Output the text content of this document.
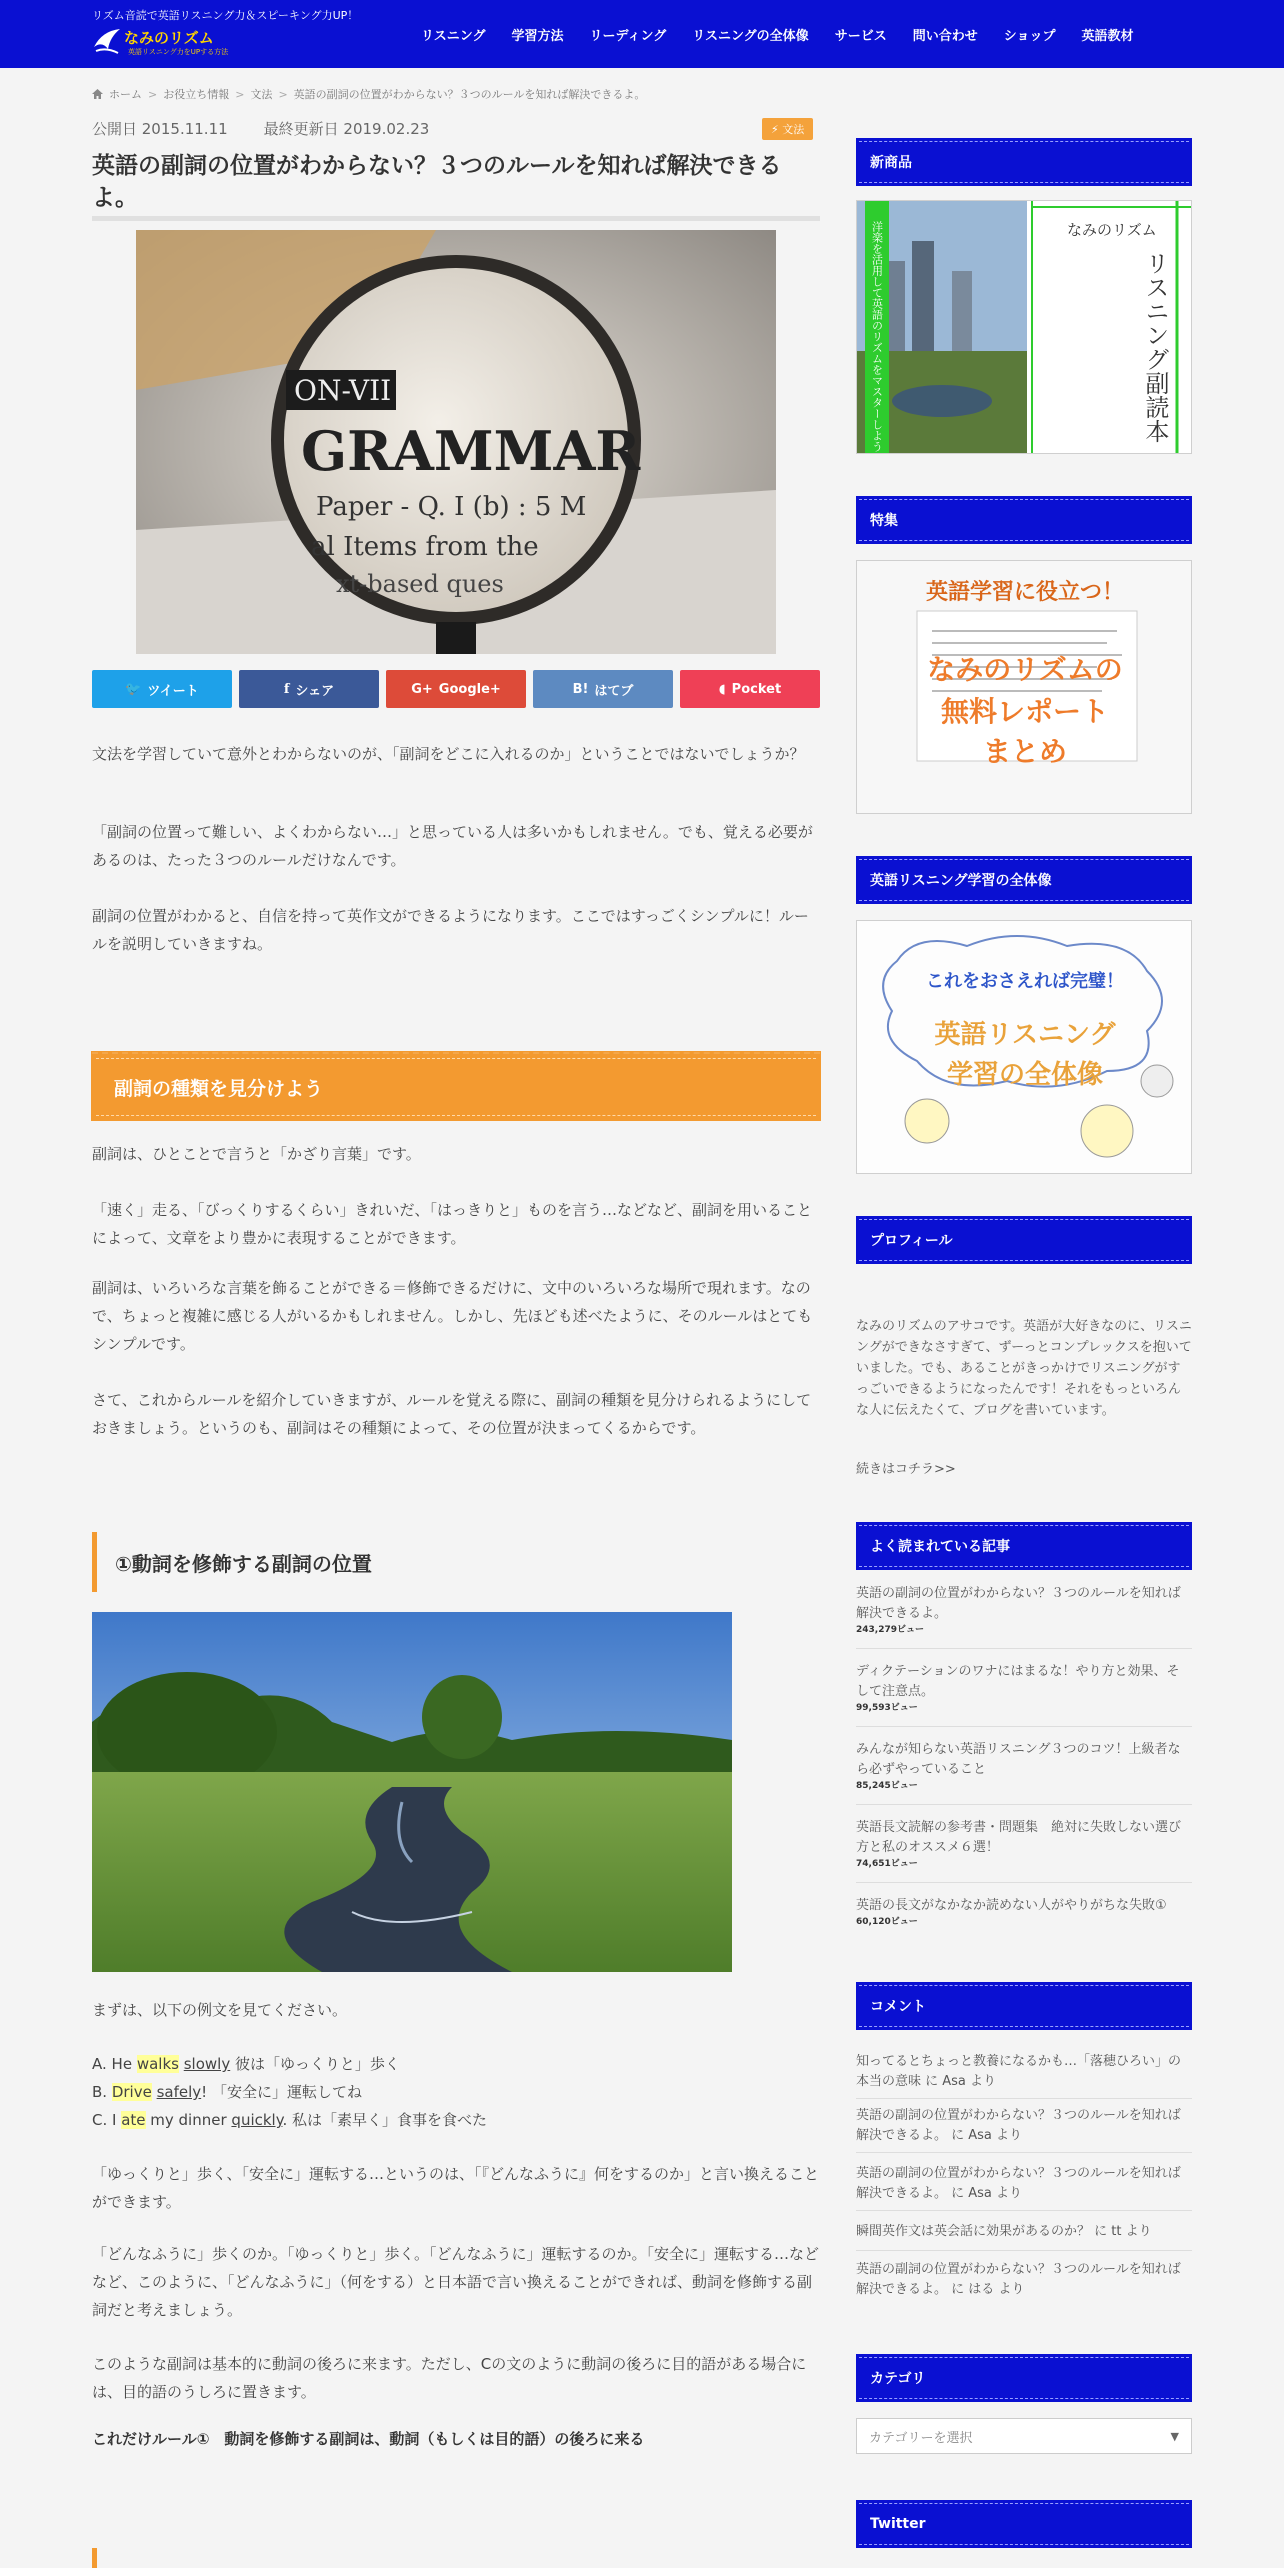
リズム音読で英語リスニング力＆スピーキング力UP！
なみのリズム
英語リスニング力をUPする方法
リスニング 学習方法 リーディング リスニングの全体像 サービス 問い合わせ ショップ 英語教材
ホーム > お役立ち情報 > 文法 > 英語の副詞の位置がわからない？３つのルールを知れば解決できるよ。
公開日 2015.11.11 最終更新日 2019.02.23	⚡ 文法
英語の副詞の位置がわからない？３つのルールを知れば解決できるよ。
ON-VII
GRAMMAR
Paper - Q. I (b) : 5 M
al Items from the
xt-based ques
🐦 ツイート	f シェア	G+ Google+	B! はてブ	◖ Pocket

文法を学習していて意外とわからないのが、「副詞をどこに入れるのか」ということではないでしょうか？

「副詞の位置って難しい、よくわからない…」と思っている人は多いかもしれません。でも、覚える必要があるのは、たった３つのルールだけなんです。

副詞の位置がわかると、自信を持って英作文ができるようになります。ここではすっごくシンプルに！ルールを説明していきますね。

副詞の種類を見分けよう

副詞は、ひとことで言うと「かざり言葉」です。

「速く」走る、「びっくりするくらい」きれいだ、「はっきりと」ものを言う…などなど、副詞を用いることによって、文章をより豊かに表現することができます。

副詞は、いろいろな言葉を飾ることができる＝修飾できるだけに、文中のいろいろな場所で現れます。なので、ちょっと複雑に感じる人がいるかもしれません。しかし、先ほども述べたように、そのルールはとてもシンプルです。

さて、これからルールを紹介していきますが、ルールを覚える際に、副詞の種類を見分けられるようにしておきましょう。というのも、副詞はその種類によって、その位置が決まってくるからです。

①動詞を修飾する副詞の位置

まずは、以下の例文を見てください。

A. He walks slowly 彼は「ゆっくりと」歩く

B. Drive safely! 「安全に」運転してね

C. I ate my dinner quickly. 私は「素早く」食事を食べた

「ゆっくりと」歩く、「安全に」運転する…というのは、「『どんなふうに』何をするのか」と言い換えることができます。

「どんなふうに」歩くのか。「ゆっくりと」歩く。「どんなふうに」運転するのか。「安全に」運転する…などなど、このように、「どんなふうに」（何をする）と日本語で言い換えることができれば、動詞を修飾する副詞だと考えましょう。

このような副詞は基本的に動詞の後ろに来ます。ただし、Cの文のように動詞の後ろに目的語がある場合には、目的語のうしろに置きます。

これだけルール①　動詞を修飾する副詞は、動詞（もしくは目的語）の後ろに来る

新商品
洋楽を活用して英語のリズムをマスターしよう	なみのリズム
リスニング副読本
特集
英語学習に役立つ！
なみのリズムの
無料レポート
まとめ
英語リスニング学習の全体像
これをおさえれば完璧！
英語リスニング
学習の全体像
プロフィール

なみのリズムのアサコです。英語が大好きなのに、リスニングができなさすぎて、ずーっとコンプレックスを抱いていました。でも、あることがきっかけでリスニングがすっごいできるようになったんです！それをもっといろんな人に伝えたくて、ブログを書いています。

続きはコチラ>>
よく読まれている記事
英語の副詞の位置がわからない？３つのルールを知れば解決できるよ。
243,279ビュー
ディクテーションのワナにはまるな！やり方と効果、そして注意点。
99,593ビュー
みんなが知らない英語リスニング３つのコツ！上級者なら必ずやっていること
85,245ビュー
英語長文読解の参考書・問題集　絶対に失敗しない選び方と私のオススメ６選！
74,651ビュー
英語の長文がなかなか読めない人がやりがちな失敗①
60,120ビュー
コメント
知ってるとちょっと教養になるかも…「落穂ひろい」の本当の意味 に Asa より
英語の副詞の位置がわからない？３つのルールを知れば解決できるよ。 に Asa より
英語の副詞の位置がわからない？３つのルールを知れば解決できるよ。 に Asa より
瞬間英作文は英会話に効果があるのか？ に tt より
英語の副詞の位置がわからない？３つのルールを知れば解決できるよ。 に はる より
カテゴリ
カテゴリーを選択	▼
Twitter
